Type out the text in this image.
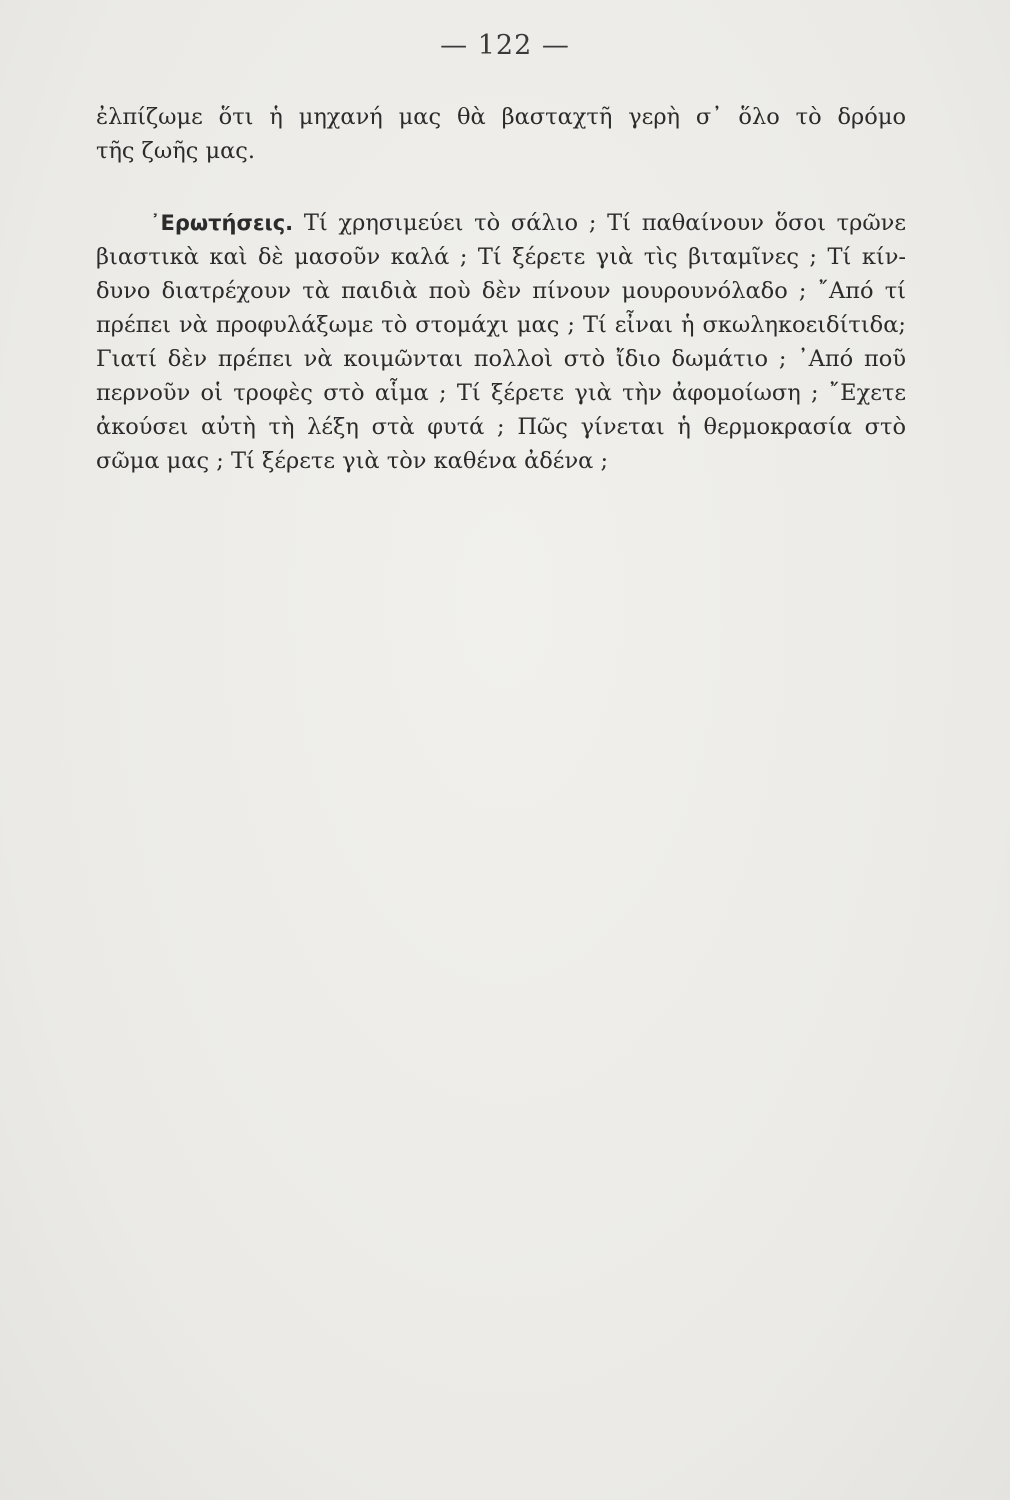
— 122 —
ἐλπίζωμε ὅτι ἡ μηχανή μας θὰ βασταχτῆ γερὴ σ᾽ ὅλο τὸ δρόμο
τῆς ζωῆς μας.
᾿Ερωτήσεις. Τί χρησιμεύει τὸ σάλιο ; Τί παθαίνουν ὅσοι τρῶνε
βιαστικὰ καὶ δὲ μασοῦν καλά ; Τί ξέρετε γιὰ τὶς βιταμῖνες ; Τί κίν-
δυνο διατρέχουν τὰ παιδιὰ ποὺ δὲν πίνουν μουρουνόλαδο ; ῎Από τί
πρέπει νὰ προφυλάξωμε τὸ στομάχι μας ; Τί εἶναι ἡ σκωληκοειδίτιδα;
Γιατί δὲν πρέπει νὰ κοιμῶνται πολλοὶ στὸ ἴδιο δωμάτιο ; ᾿Από ποῦ
περνοῦν οἱ τροφὲς στὸ αἷμα ; Τί ξέρετε γιὰ τὴν ἀφομοίωση ; ῎Εχετε
ἀκούσει αὐτὴ τὴ λέξη στὰ φυτά ; Πῶς γίνεται ἡ θερμοκρασία στὸ
σῶμα μας ; Τί ξέρετε γιὰ τὸν καθένα ἀδένα ;
